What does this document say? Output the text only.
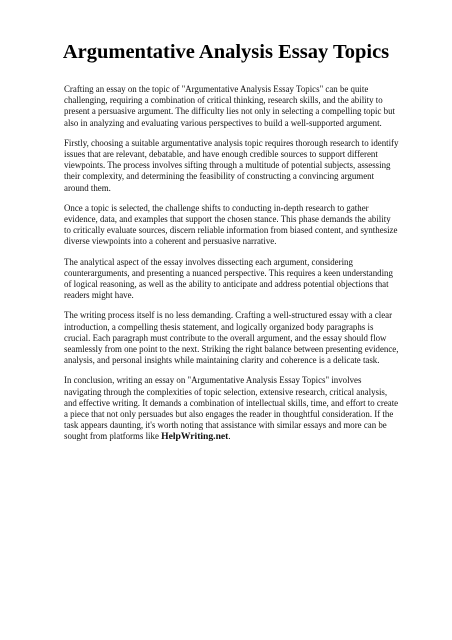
Argumentative Analysis Essay Topics

Crafting an essay on the topic of "Argumentative Analysis Essay Topics" can be quite challenging, requiring a combination of critical thinking, research skills, and the ability to present a persuasive argument. The difficulty lies not only in selecting a compelling topic but also in analyzing and evaluating various perspectives to build a well-supported argument.

Firstly, choosing a suitable argumentative analysis topic requires thorough research to identify issues that are relevant, debatable, and have enough credible sources to support different viewpoints. The process involves sifting through a multitude of potential subjects, assessing their complexity, and determining the feasibility of constructing a convincing argument around them.

Once a topic is selected, the challenge shifts to conducting in-depth research to gather evidence, data, and examples that support the chosen stance. This phase demands the ability to critically evaluate sources, discern reliable information from biased content, and synthesize diverse viewpoints into a coherent and persuasive narrative.

The analytical aspect of the essay involves dissecting each argument, considering counterarguments, and presenting a nuanced perspective. This requires a keen understanding of logical reasoning, as well as the ability to anticipate and address potential objections that readers might have.

The writing process itself is no less demanding. Crafting a well-structured essay with a clear introduction, a compelling thesis statement, and logically organized body paragraphs is crucial. Each paragraph must contribute to the overall argument, and the essay should flow seamlessly from one point to the next. Striking the right balance between presenting evidence, analysis, and personal insights while maintaining clarity and coherence is a delicate task.

In conclusion, writing an essay on "Argumentative Analysis Essay Topics" involves navigating through the complexities of topic selection, extensive research, critical analysis, and effective writing. It demands a combination of intellectual skills, time, and effort to create a piece that not only persuades but also engages the reader in thoughtful consideration. If the task appears daunting, it's worth noting that assistance with similar essays and more can be sought from platforms like HelpWriting.net.
